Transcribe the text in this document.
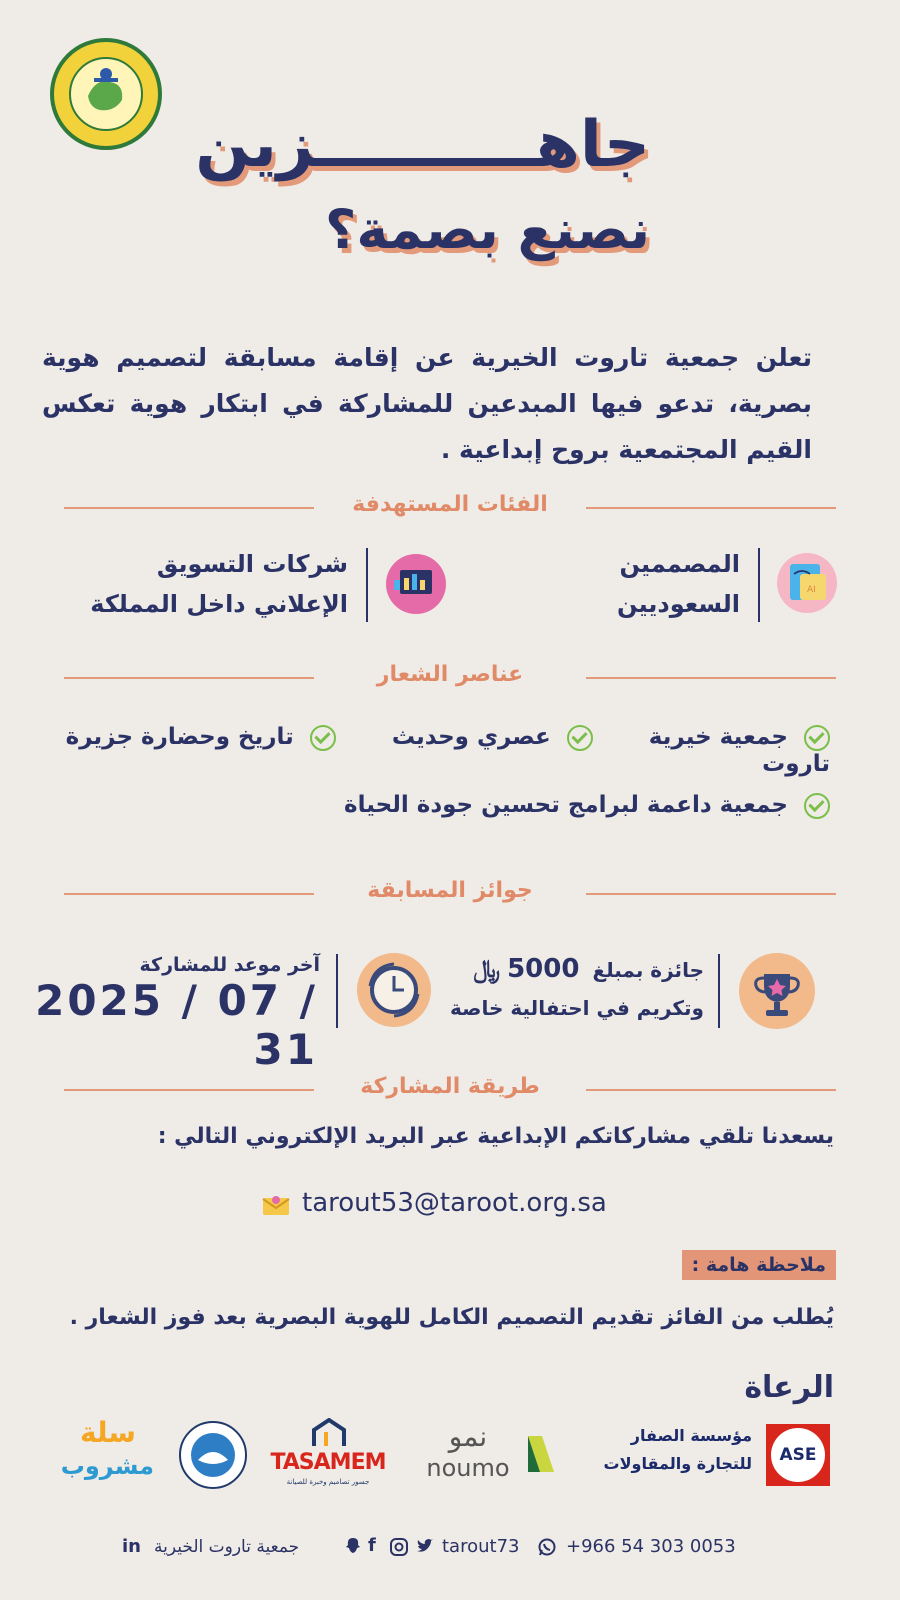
جاهــــــــــزين
نصنع بصمة؟
تعلن جمعية تاروت الخيرية عن إقامة مسابقة لتصميم هوية بصرية، تدعو فيها المبدعين للمشاركة في ابتكار هوية تعكس القيم المجتمعية بروح إبداعية .
الفئات المستهدفة
AI
المصممين
السعوديين
شركات التسويق
الإعلاني داخل المملكة
عناصر الشعار
جمعية خيرية   عصري وحديث   تاريخ وحضارة جزيرة تاروت
جمعية داعمة لبرامج تحسين جودة الحياة
جوائز المسابقة
جائزة بمبلغ 5000 ﷼
وتكريم في احتفالية خاصة
آخر موعد للمشاركة
2025 / 07 / 31
طريقة المشاركة
يسعدنا تلقي مشاركاتكم الإبداعية عبر البريد الإلكتروني التالي :
tarout53@taroot.org.sa
ملاحظة هامة :
يُطلب من الفائز تقديم التصميم الكامل للهوية البصرية بعد فوز الشعار .
الرعاة
ASE
مؤسسة الصفار
للتجارة والمقاولات
نمو
noumo
TASAMEM
جسور تصاميم وخبرة للصيانة
سلة
مشروب
in جمعية تاروت الخيرية	f	tarout73	+966 54 303 0053
